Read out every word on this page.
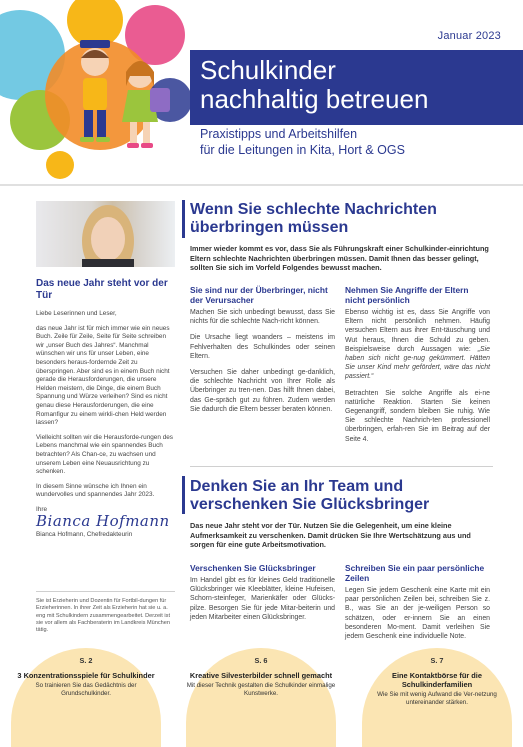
Januar 2023
Schulkinder
nachhaltig betreuen
Praxistipps und Arbeitshilfen
für die Leitungen in Kita, Hort & OGS
Das neue Jahr steht vor der Tür

Liebe Leserinnen und Leser,

das neue Jahr ist für mich immer wie ein neues Buch. Zeile für Zeile, Seite für Seite schreiben wir „unser Buch des Jahres“. Manchmal wünschen wir uns für unser Leben, eine besonders heraus-fordernde Zeit zu überspringen. Aber sind es in einem Buch nicht gerade die Herausforderungen, die unsere Helden meistern, die Dinge, die einem Buch Spannung und Würze verleihen? Sind es nicht genau diese Herausforderungen, die eine Romanfigur zu einem wirkli-chen Held werden lassen?

Vielleicht sollten wir die Herausforde-rungen des Lebens manchmal wie ein spannendes Buch betrachten? Als Chan-ce, zu wachsen und unserem Leben eine Neuausrichtung zu schenken.

In diesem Sinne wünsche ich Ihnen ein wundervolles und spannendes Jahr 2023.

Ihre

Bianca Hofmann

Bianca Hofmann, Chefredakteurin

Sie ist Erzieherin und Dozentin für Fortbil-dungen für Erzieherinnen. In ihrer Zeit als Erzieherin hat sie u. a. eng mit Schulkindern zusammengearbeitet. Derzeit ist sie vor allem als Fachberaterin im Landkreis München tätig.
Wenn Sie schlechte Nachrichten überbringen müssen

Immer wieder kommt es vor, dass Sie als Führungskraft einer Schulkinder-einrichtung Eltern schlechte Nachrichten überbringen müssen. Damit Ihnen das besser gelingt, sollten Sie sich im Vorfeld Folgendes bewusst machen.

Sie sind nur der Überbringer, nicht der Verursacher

Machen Sie sich unbedingt bewusst, dass Sie nichts für die schlechte Nach-richt können.

Die Ursache liegt woanders – meistens im Fehlverhalten des Schulkindes oder seinen Eltern.

Versuchen Sie daher unbedingt ge-danklich, die schlechte Nachricht von Ihrer Rolle als Überbringer zu tren-nen. Das hilft Ihnen dabei, das Ge-spräch gut zu führen. Zudem werden Sie dadurch die Eltern besser beraten können.

Nehmen Sie Angriffe der Eltern nicht persönlich

Ebenso wichtig ist es, dass Sie Angriffe von Eltern nicht persönlich nehmen. Häufig versuchen Eltern aus ihrer Ent-täuschung und Wut heraus, Ihnen die Schuld zu geben. Beispielsweise durch Aussagen wie: „Sie haben sich nicht ge-nug gekümmert. Hätten Sie unser Kind mehr gefördert, wäre das nicht passiert.“

Betrachten Sie solche Angriffe als ei-ne natürliche Reaktion. Starten Sie keinen Gegenangriff, sondern bleiben Sie ruhig. Wie Sie schlechte Nachrich-ten professionell überbringen, erfah-ren Sie im Beitrag auf der Seite 4.

Denken Sie an Ihr Team und verschenken Sie Glücksbringer

Das neue Jahr steht vor der Tür. Nutzen Sie die Gelegenheit, um eine kleine Aufmerksamkeit zu verschenken. Damit drücken Sie Ihre Wertschätzung aus und sorgen für eine gute Arbeitsmotivation.

Verschenken Sie Glücksbringer

Im Handel gibt es für kleines Geld traditionelle Glücksbringer wie Kleeblätter, kleine Hufeisen, Schorn-steinfeger, Marienkäfer oder Glücks-pilze. Besorgen Sie für jede Mitar-beiterin und jeden Mitarbeiter einen Glücksbringer.

Schreiben Sie ein paar persönliche Zeilen

Legen Sie jedem Geschenk eine Karte mit ein paar persönlichen Zeilen bei, schreiben Sie z. B., was Sie an der je-weiligen Person so schätzen, oder er-innern Sie an einen besonderen Mo-ment. Damit verleihen Sie jedem Geschenk eine individuelle Note.

S. 2
3 Konzentrationsspiele für Schulkinder
So trainieren Sie das Gedächtnis der Grundschulkinder.
S. 6
Kreative Silvesterbilder schnell gemacht
Mit dieser Technik gestalten die Schulkinder einmalige Kunstwerke.
S. 7
Eine Kontaktbörse für die Schulkinderfamilien
Wie Sie mit wenig Aufwand die Ver-netzung untereinander stärken.
